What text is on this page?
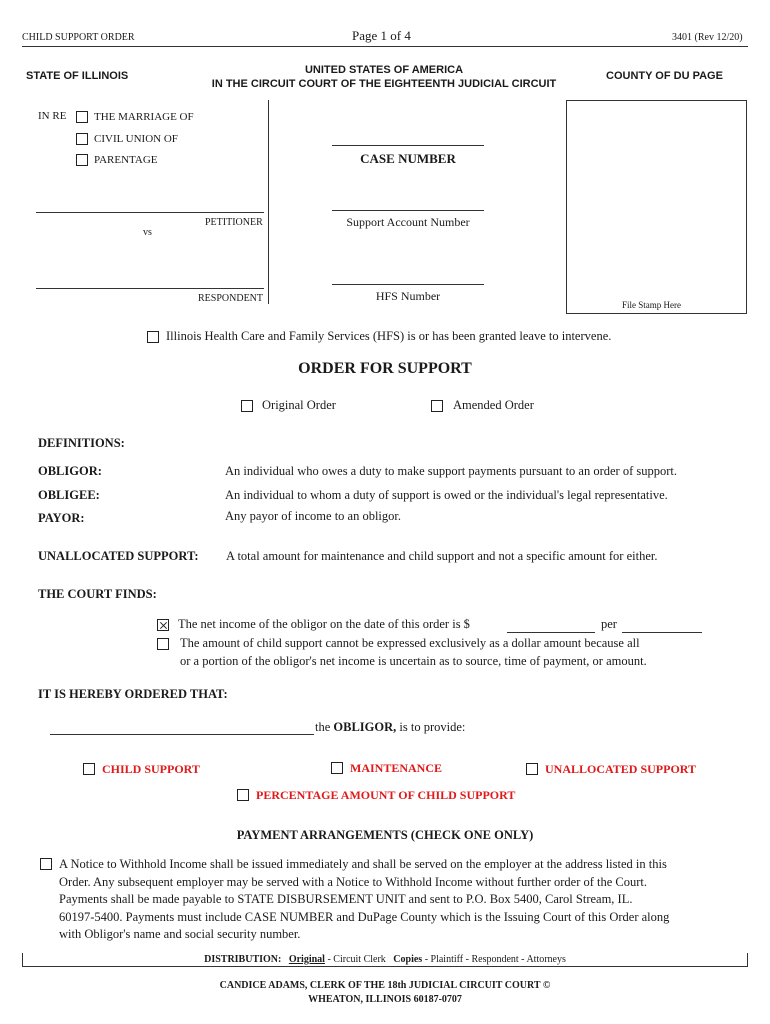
CHILD SUPPORT ORDER	Page 1 of 4	3401 (Rev 12/20)
STATE OF ILLINOIS	UNITED STATES OF AMERICA
IN THE CIRCUIT COURT OF THE EIGHTEENTH JUDICIAL CIRCUIT
COUNTY OF DU PAGE
IN RE	THE MARRIAGE OF
CIVIL UNION OF
PARENTAGE
PETITIONER
vs
RESPONDENT
CASE NUMBER
Support Account Number
HFS Number
File Stamp Here
Illinois Health Care and Family Services (HFS) is or has been granted leave to intervene.
ORDER FOR SUPPORT
Original Order	Amended Order
DEFINITIONS:
OBLIGOR:	An individual who owes a duty to make support payments pursuant to an order of support.
OBLIGEE:	An individual to whom a duty of support is owed or the individual's legal representative.
PAYOR:	Any payor of income to an obligor.
UNALLOCATED SUPPORT: A total amount for maintenance and child support and not a specific amount for either.
THE COURT FINDS:
The net income of the obligor on the date of this order is $	per
The amount of child support cannot be expressed exclusively as a dollar amount because all
or a portion of the obligor's net income is uncertain as to source, time of payment, or amount.
IT IS HEREBY ORDERED THAT:
the OBLIGOR, is to provide:
CHILD SUPPORT	MAINTENANCE	UNALLOCATED SUPPORT
PERCENTAGE AMOUNT OF CHILD SUPPORT
PAYMENT ARRANGEMENTS (CHECK ONE ONLY)
A Notice to Withhold Income shall be issued immediately and shall be served on the employer at the address listed in this
Order. Any subsequent employer may be served with a Notice to Withhold Income without further order of the Court.
Payments shall be made payable to STATE DISBURSEMENT UNIT and sent to P.O. Box 5400, Carol Stream, IL.
60197-5400. Payments must include CASE NUMBER and DuPage County which is the Issuing Court of this Order along
with Obligor's name and social security number.
DISTRIBUTION: Original - Circuit Clerk Copies - Plaintiff - Respondent - Attorneys
CANDICE ADAMS, CLERK OF THE 18th JUDICIAL CIRCUIT COURT ©
WHEATON, ILLINOIS 60187-0707
